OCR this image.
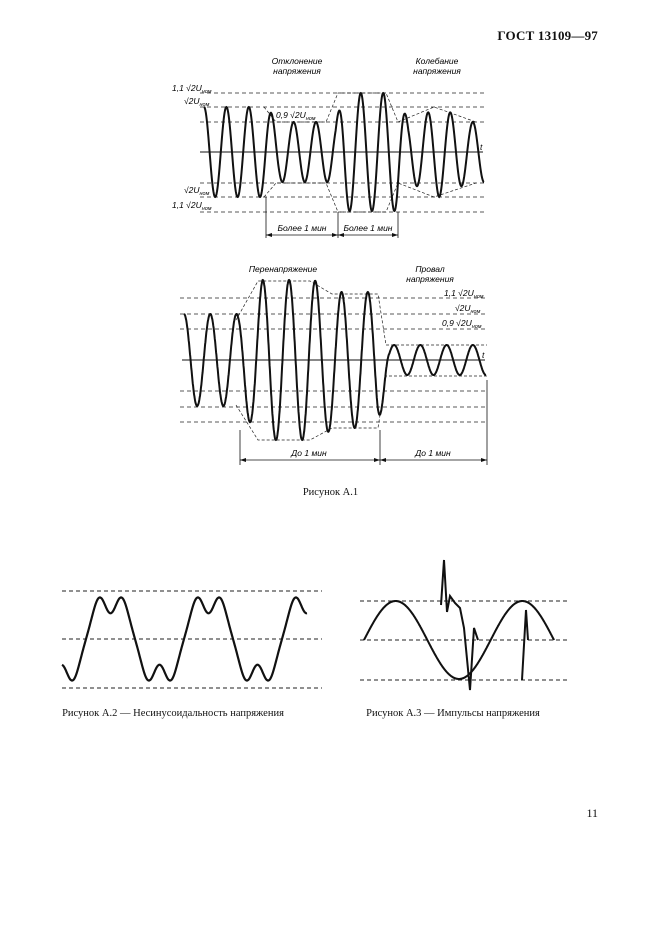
ГОСТ 13109—97
Отклонение
напряжения
Колебание
напряжения
1,1 $√2U_{ном}$
$√2U_{ном}$
0,9 $√2U_{ном}$
$√2U_{ном}$
1,1 $√2U_{ном}$
t
Более 1 мин Более 1 мин
Перенапряжение	Провал
напряжения
1,1 $√2U_{ном}$
$√2U_{ном}$
0,9 $√2U_{ном}$
t
До 1 мин	До 1 мин
Рисунок А.1
Рисунок А.2 — Несинусоидальность напряжения	Рисунок А.3 — Импульсы напряжения
11
